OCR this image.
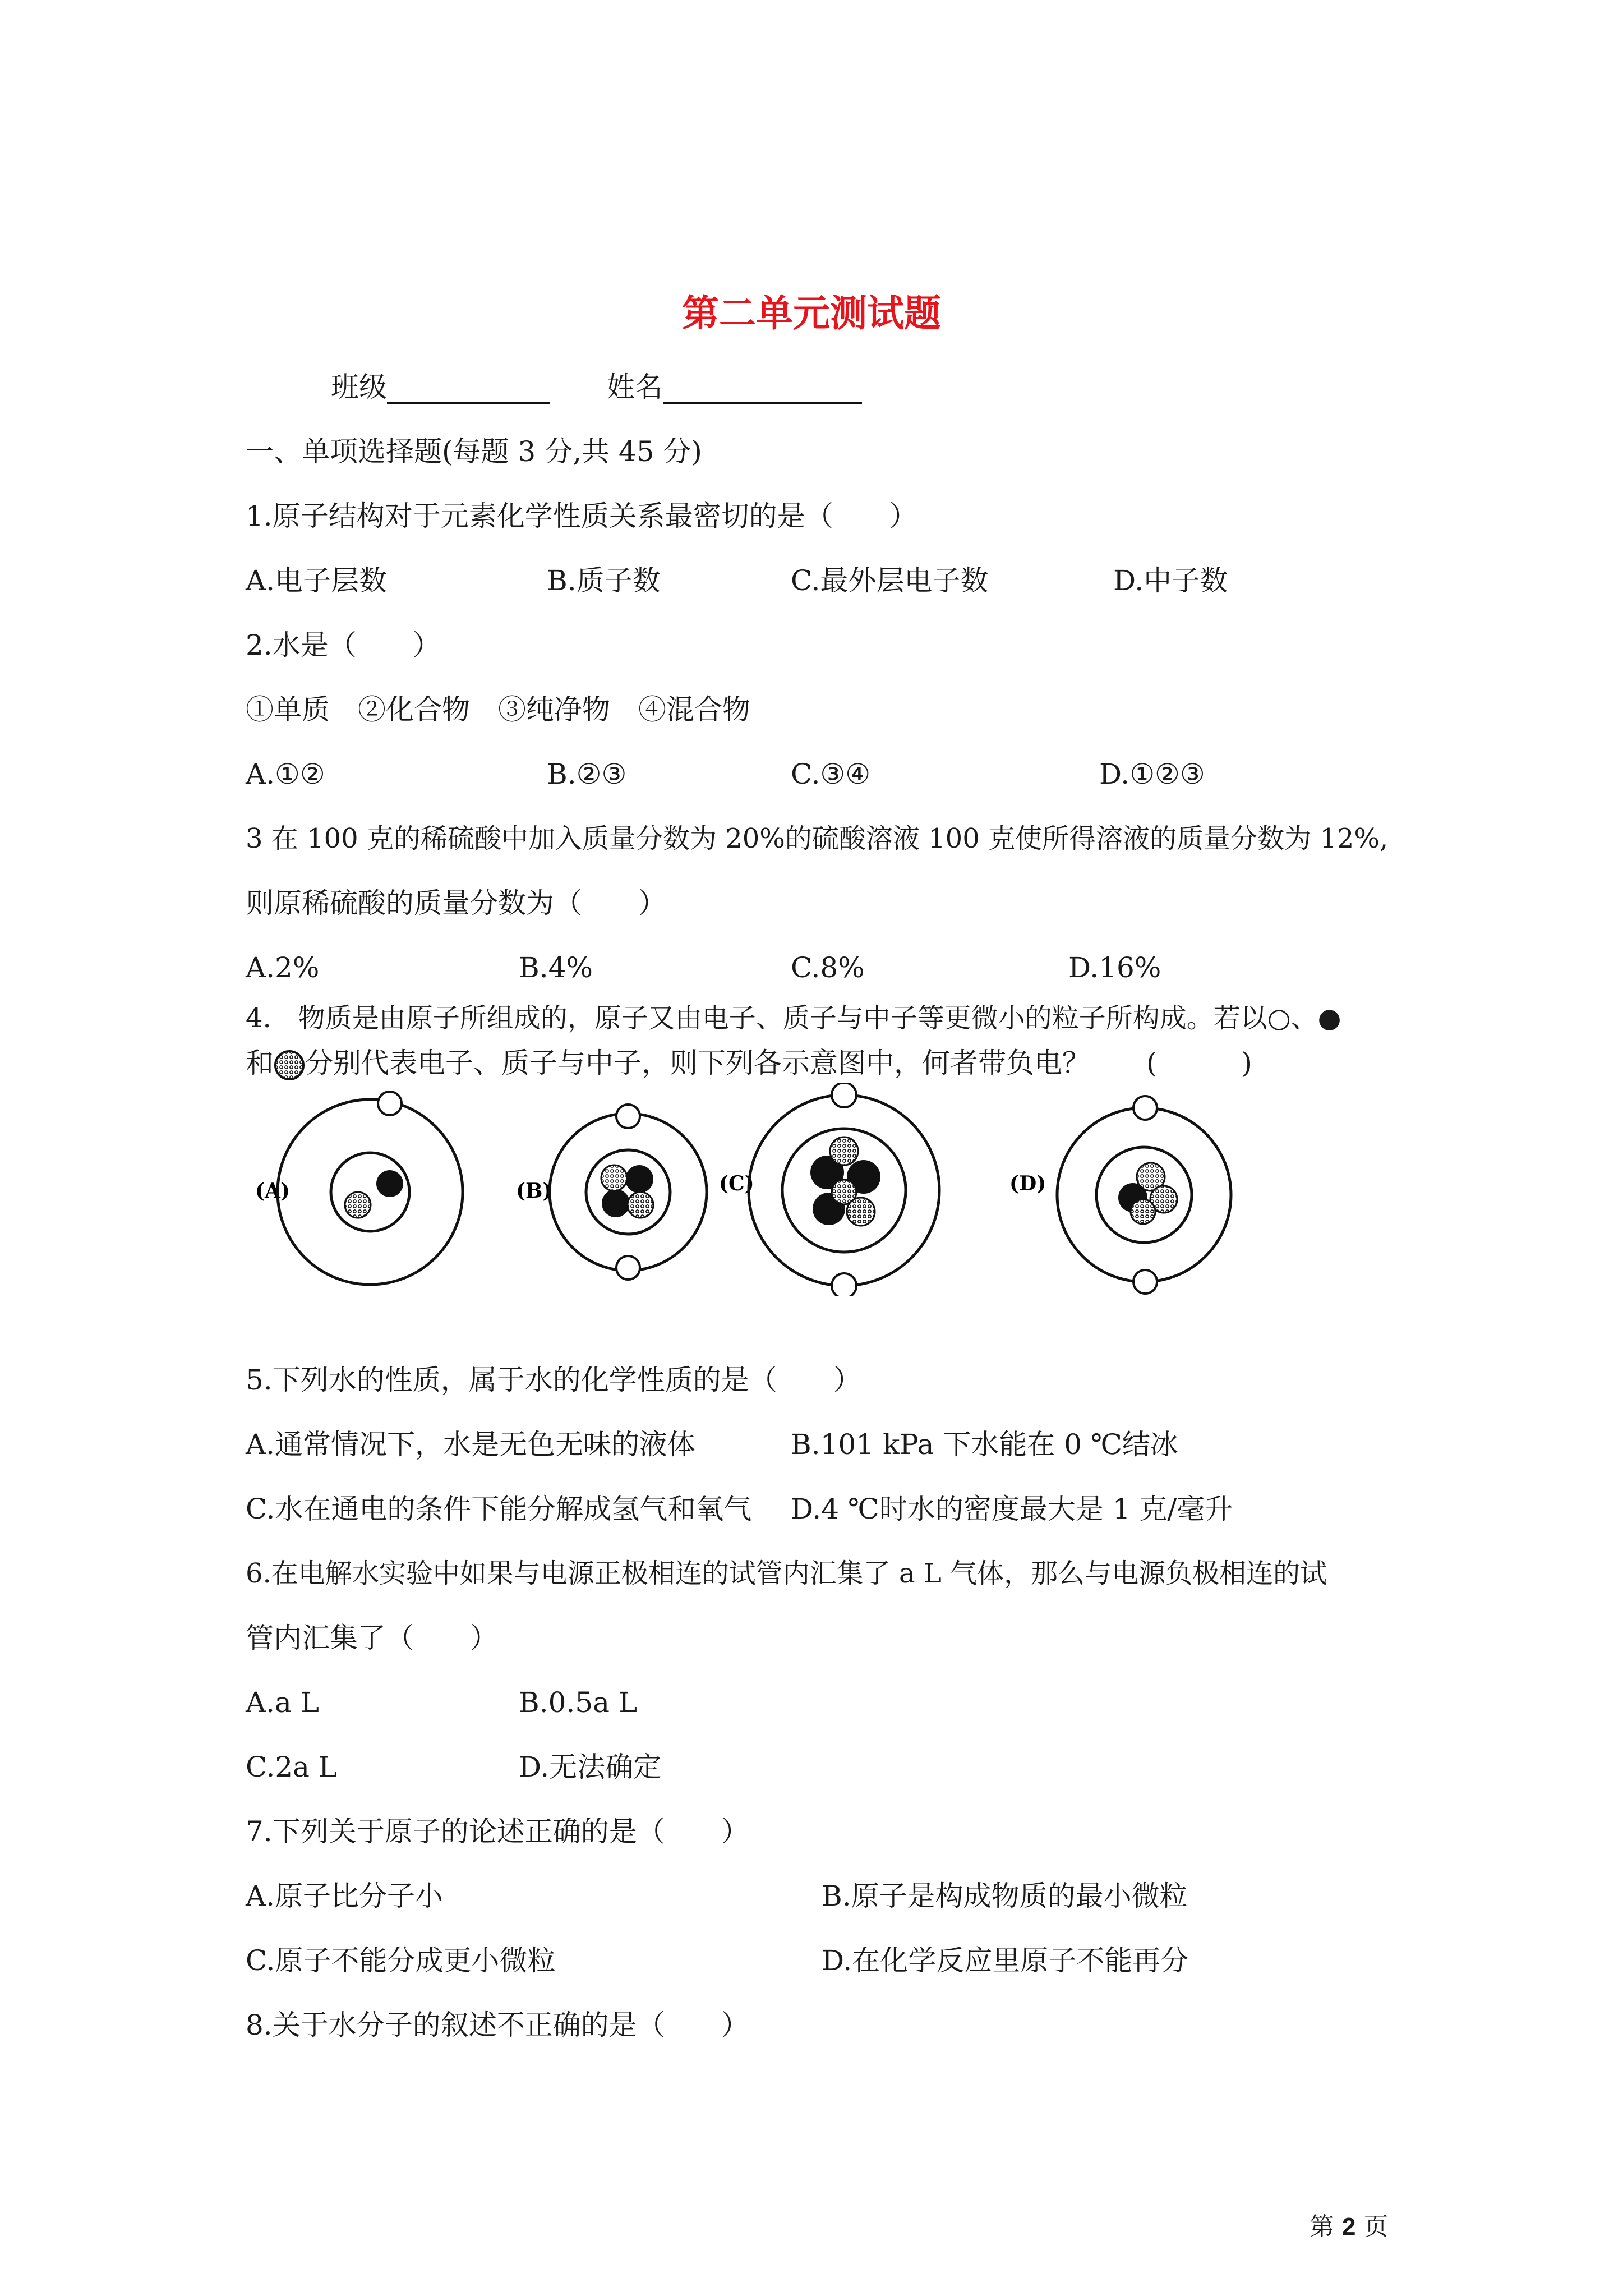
第二单元测试题
班级	姓名
一、单项选择题(每题 3 分,共 45 分)
1.原子结构对于元素化学性质关系最密切的是（　　）
A.电子层数	B.质子数	C.最外层电子数	D.中子数
2.水是（　　）
①单质　②化合物　③纯净物　④混合物
A.①②	B.②③	C.③④	D.①②③
3 在 100 克的稀硫酸中加入质量分数为 20%的硫酸溶液 100 克使所得溶液的质量分数为 12%,
则原稀硫酸的质量分数为（　　）
A.2%	B.4%	C.8%	D.16%
4.　物质是由原子所组成的，原子又由电子、质子与中子等更微小的粒子所构成。若以○、●
和 分别代表电子、质子与中子，则下列各示意图中，何者带负电？　　(　　　)
(A)	(B)	(C)	(D)
5.下列水的性质，属于水的化学性质的是（　　）
A.通常情况下，水是无色无味的液体	B.101 kPa 下水能在 0 ℃结冰
C.水在通电的条件下能分解成氢气和氧气 D.4 ℃时水的密度最大是 1 克/毫升
6.在电解水实验中如果与电源正极相连的试管内汇集了 a L 气体，那么与电源负极相连的试
管内汇集了（　　）
A.a L	B.0.5a L
C.2a L	D.无法确定
7.下列关于原子的论述正确的是（　　）
A.原子比分子小	B.原子是构成物质的最小微粒
C.原子不能分成更小微粒	D.在化学反应里原子不能再分
8.关于水分子的叙述不正确的是（　　）
第 2 页
